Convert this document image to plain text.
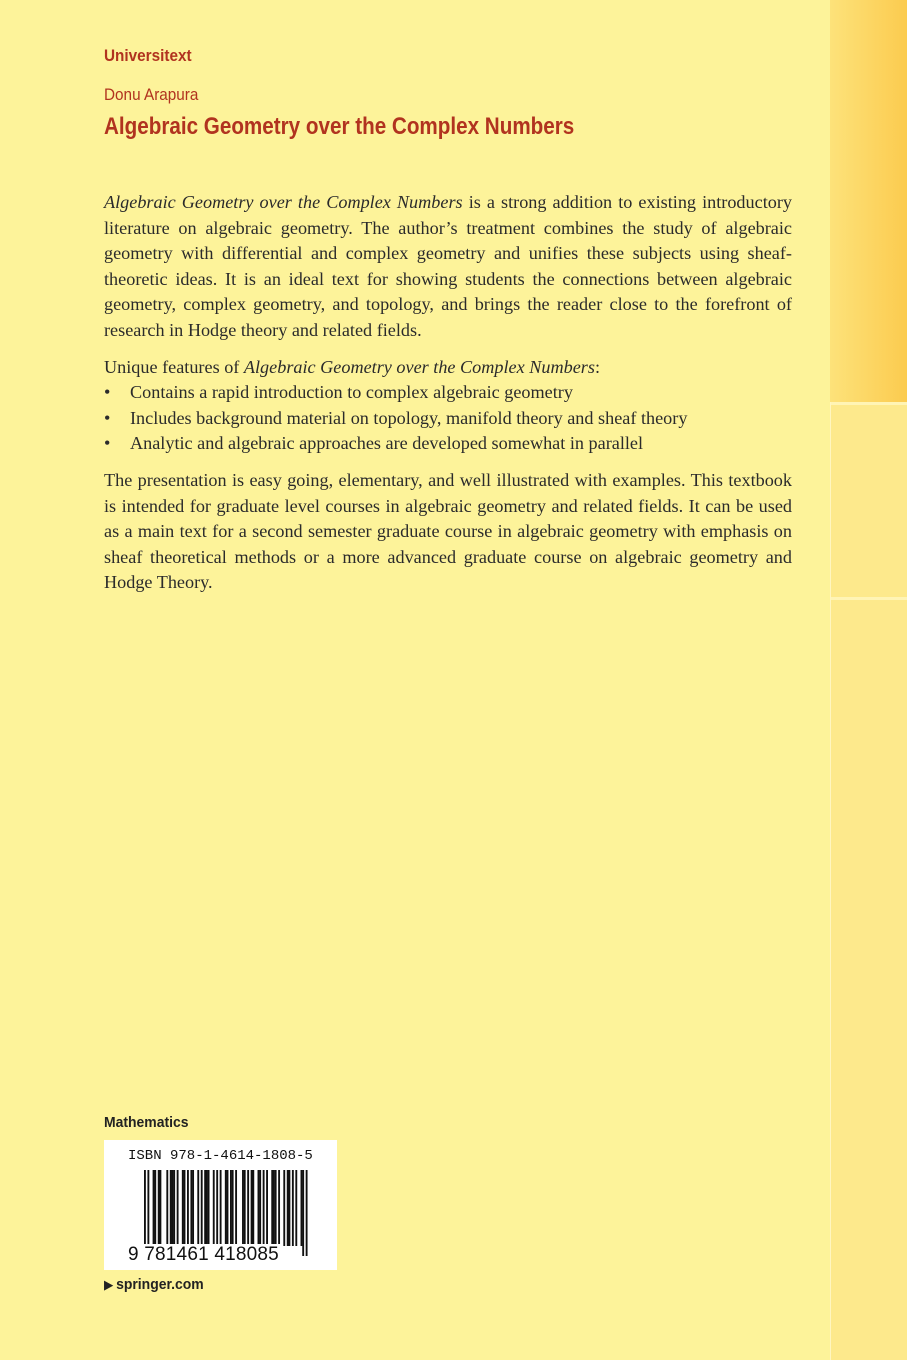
Universitext
Donu Arapura
Algebraic Geometry over the Complex Numbers

Algebraic Geometry over the Complex Numbers is a strong addition to existing introductory literature on algebraic geometry. The author’s treatment combines the study of algebraic geometry with differential and complex geometry and unifies these subjects using sheaf-theoretic ideas. It is an ideal text for showing students the connections between algebraic geometry, complex geometry, and topology, and brings the reader close to the forefront of research in Hodge theory and related fields.

Unique features of Algebraic Geometry over the Complex Numbers:

• Contains a rapid introduction to complex algebraic geometry
• Includes background material on topology, manifold theory and sheaf theory
• Analytic and algebraic approaches are developed somewhat in parallel

The presentation is easy going, elementary, and well illustrated with examples. This textbook is intended for graduate level courses in algebraic geometry and related fields. It can be used as a main text for a second semester graduate course in algebraic geometry with emphasis on sheaf theoretical methods or a more advanced graduate course on algebraic geometry and Hodge Theory.

Mathematics
ISBN 978-1-4614-1808-5
9 781461 418085
▶ springer.com
